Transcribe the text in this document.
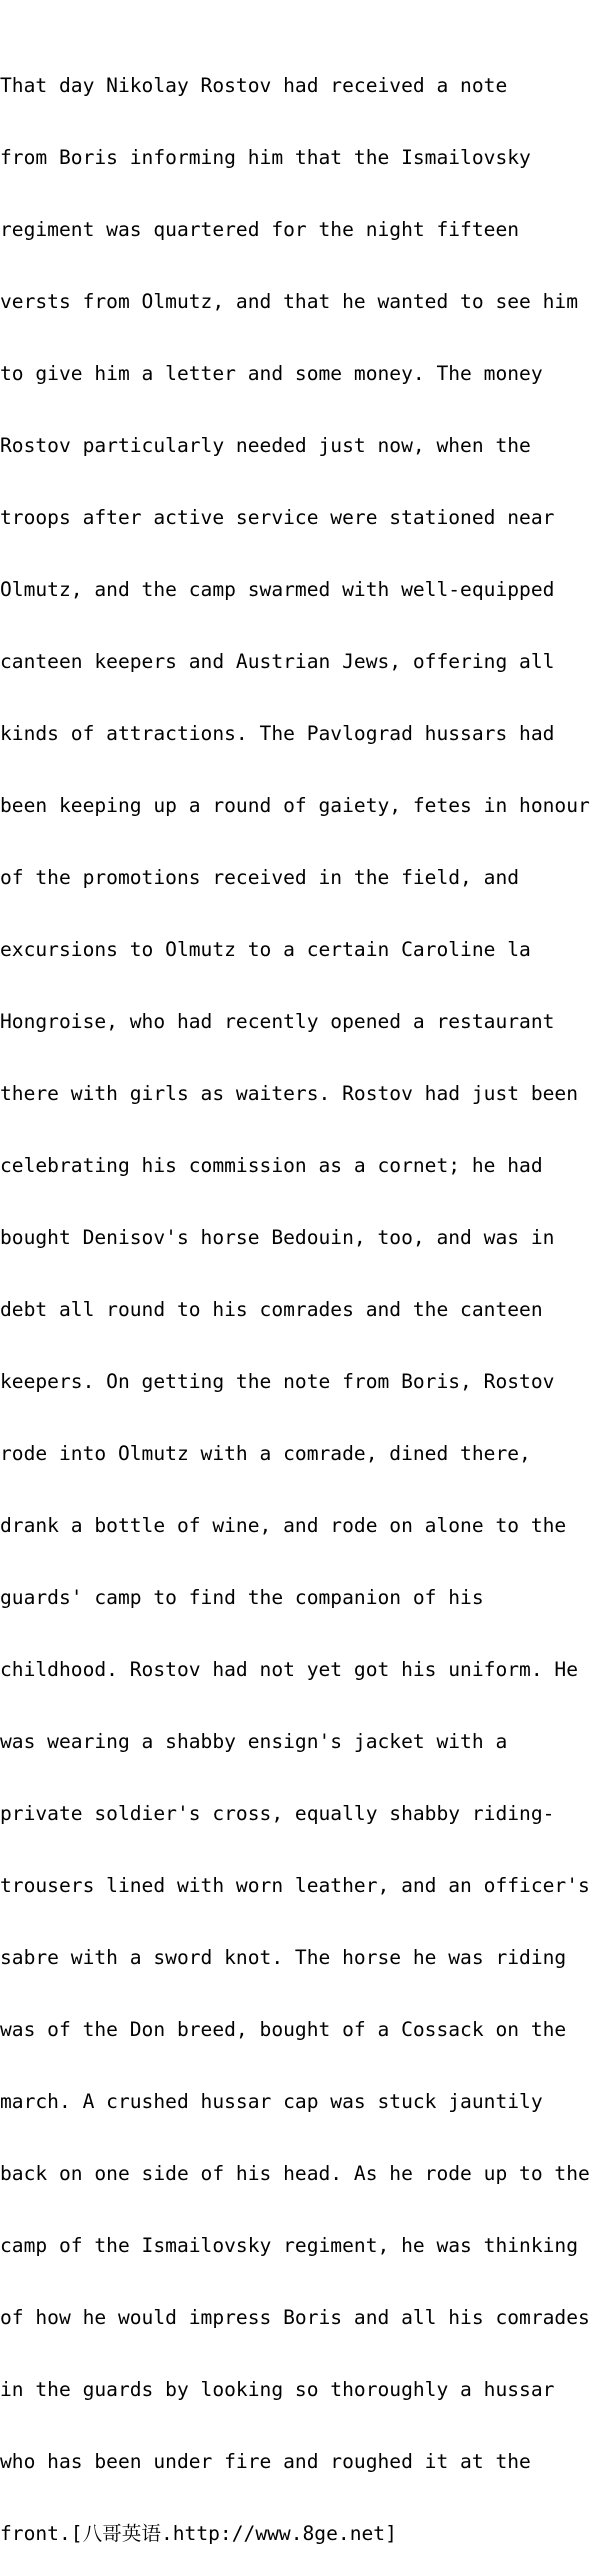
That day Nikolay Rostov had received a note

from Boris informing him that the Ismailovsky

regiment was quartered for the night fifteen

versts from Olmutz, and that he wanted to see him

to give him a letter and some money. The money

Rostov particularly needed just now, when the

troops after active service were stationed near

Olmutz, and the camp swarmed with well-equipped

canteen keepers and Austrian Jews, offering all

kinds of attractions. The Pavlograd hussars had

been keeping up a round of gaiety, fetes in honour

of the promotions received in the field, and

excursions to Olmutz to a certain Caroline la

Hongroise, who had recently opened a restaurant

there with girls as waiters. Rostov had just been

celebrating his commission as a cornet; he had

bought Denisov's horse Bedouin, too, and was in

debt all round to his comrades and the canteen

keepers. On getting the note from Boris, Rostov

rode into Olmutz with a comrade, dined there,

drank a bottle of wine, and rode on alone to the

guards' camp to find the companion of his

childhood. Rostov had not yet got his uniform. He

was wearing a shabby ensign's jacket with a

private soldier's cross, equally shabby riding-

trousers lined with worn leather, and an officer's

sabre with a sword knot. The horse he was riding

was of the Don breed, bought of a Cossack on the

march. A crushed hussar cap was stuck jauntily

back on one side of his head. As he rode up to the

camp of the Ismailovsky regiment, he was thinking

of how he would impress Boris and all his comrades

in the guards by looking so thoroughly a hussar

who has been under fire and roughed it at the

front.[八哥英语.http://www.8ge.net]
